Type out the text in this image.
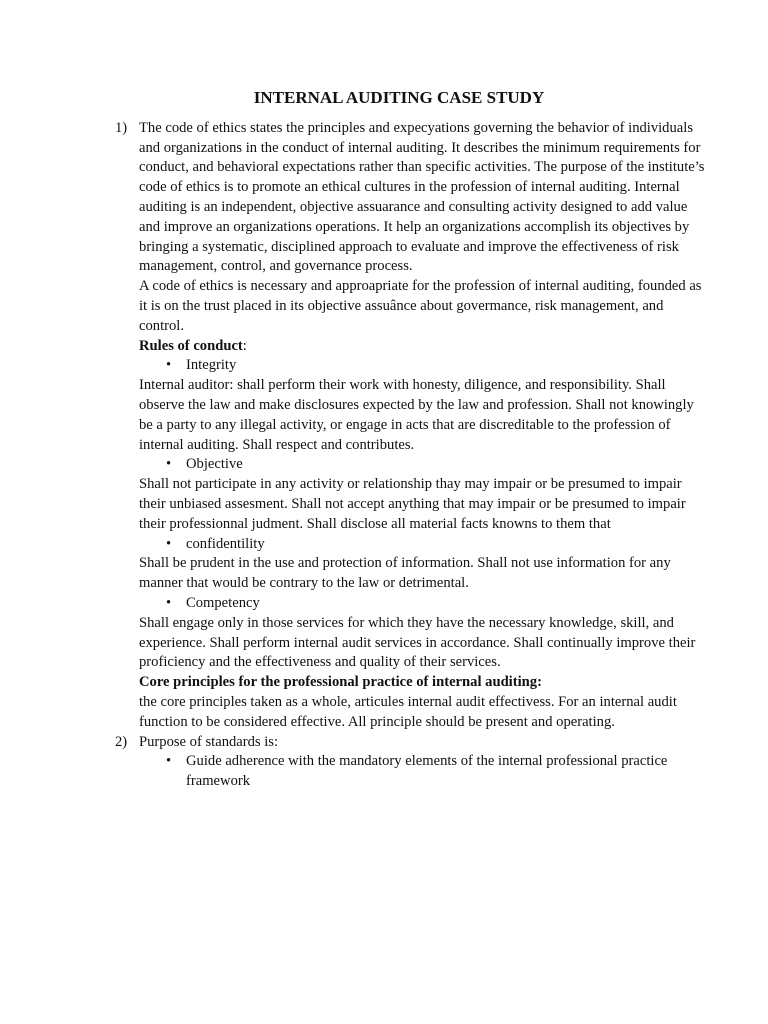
INTERNAL AUDITING CASE STUDY
1) The code of ethics states the principles and expecyations governing the behavior of individuals and organizations in the conduct of internal auditing. It describes the minimum requirements for conduct, and behavioral expectations rather than specific activities. The purpose of the institute’s code of ethics is to promote an ethical cultures in the profession of internal auditing. Internal auditing is an independent, objective assuarance and consulting activity designed to add value and improve an organizations operations. It help an organizations accomplish its objectives by bringing a systematic, disciplined approach to evaluate and improve the effectiveness of risk management, control, and governance process.

A code of ethics is necessary and approapriate for the profession of internal auditing, founded as it is on the trust placed in its objective assuânce about govermance, risk management, and control.

Rules of conduct:

• Integrity

Internal auditor: shall perform their work with honesty, diligence, and responsibility. Shall observe the law and make disclosures expected by the law and profession. Shall not knowingly be a party to any illegal activity, or engage in acts that are discreditable to the profession of internal auditing. Shall respect and contributes.

• Objective

Shall not participate in any activity or relationship thay may impair or be presumed to impair their unbiased assesment. Shall not accept anything that may impair or be presumed to impair their professionnal judment. Shall disclose all material facts knowns to them that

• confidentility

Shall be prudent in the use and protection of information. Shall not use information for any manner that would be contrary to the law or detrimental.

• Competency

Shall engage only in those services for which they have the necessary knowledge, skill, and experience. Shall perform internal audit services in accordance. Shall continually improve their proficiency and the effectiveness and quality of their services.

Core principles for the professional practice of internal auditing:

the core principles taken as a whole, articules internal audit effectivess. For an internal audit function to be considered effective. All principle should be present and operating.

2) Purpose of standards is:

• Guide adherence with the mandatory elements of the internal professional practice framework
